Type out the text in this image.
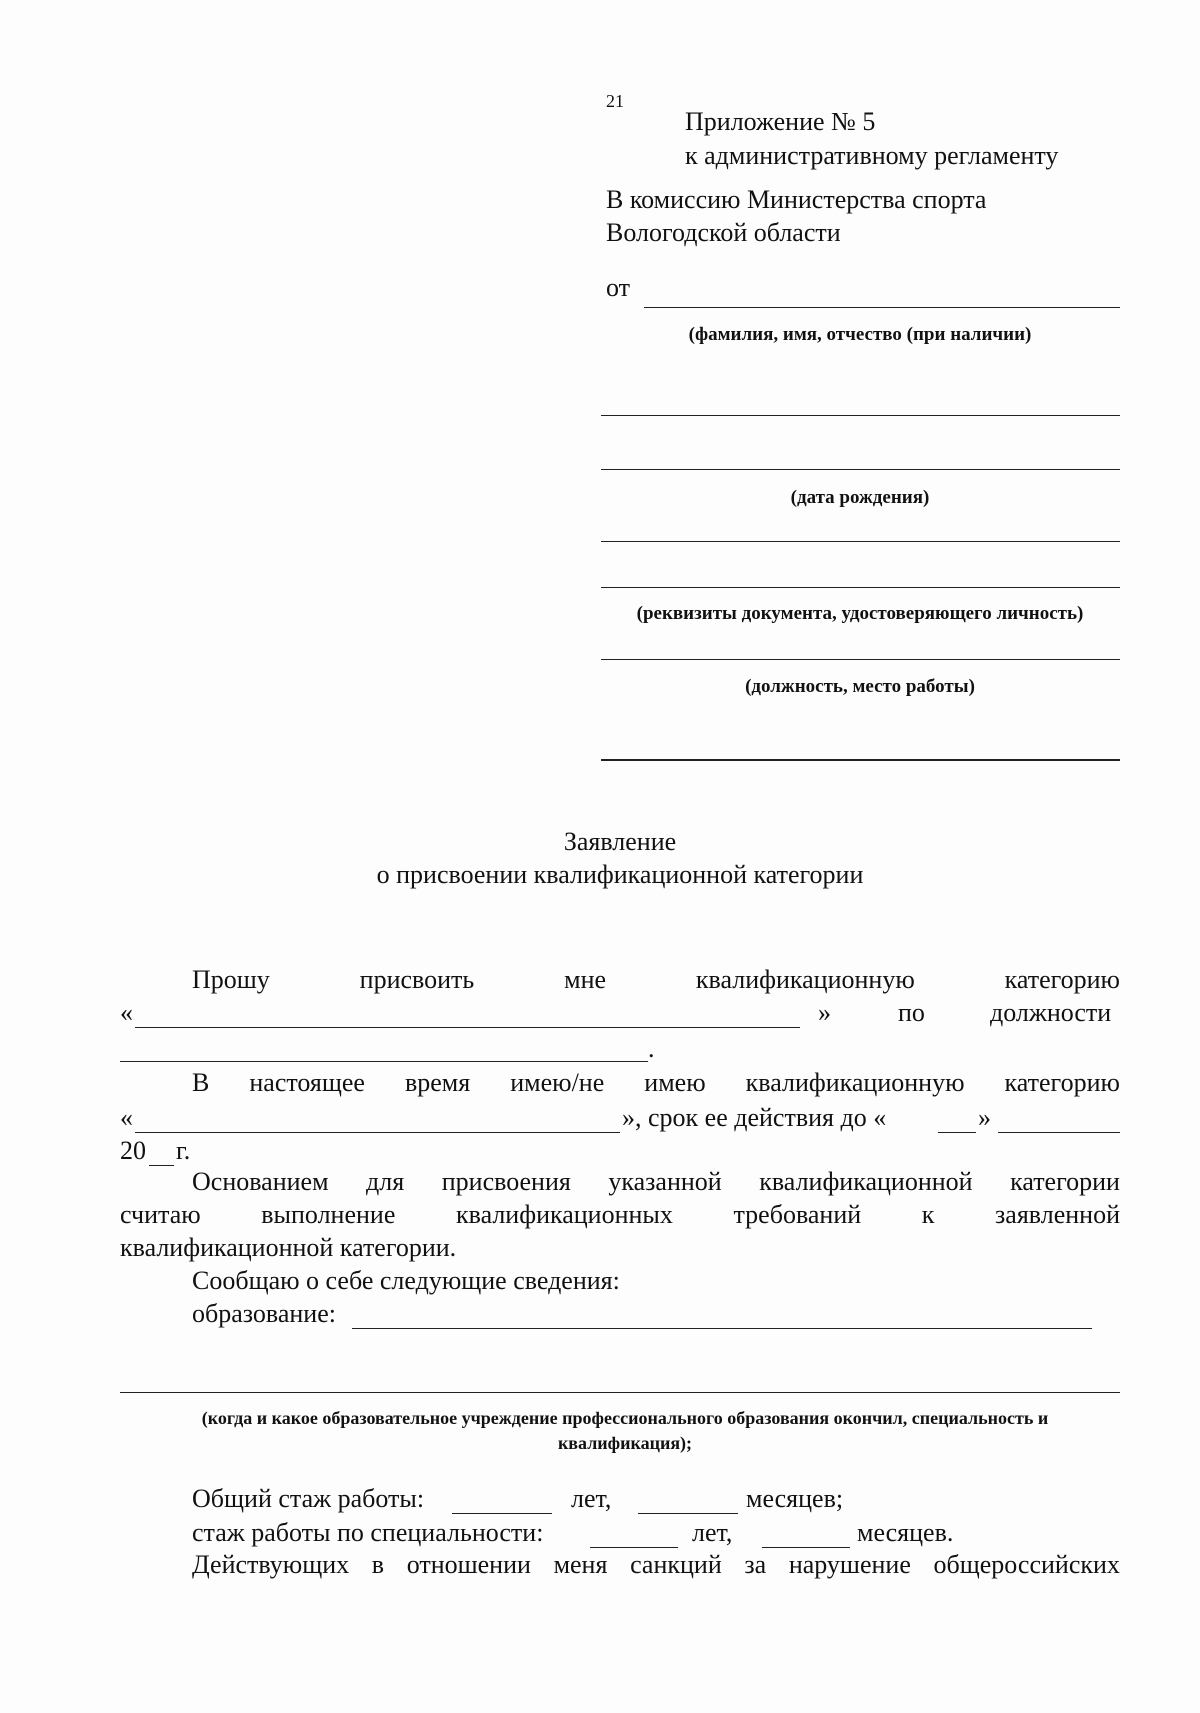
21
Приложение № 5
к административному регламенту
В комиссию Министерства спорта
Вологодской области
от
(фамилия, имя, отчество (при наличии)
(дата рождения)
(реквизиты документа, удостоверяющего личность)
(должность, место работы)
Заявление
о присвоении квалификационной категории
Прошу	присвоить	мне	квалификационную	категорию
«	»	по	должности
.
В настоящее время имею/не имею квалификационную категорию
«	», срок ее действия до «	»
20 г.
Основанием для присвоения указанной квалификационной категории
считаю выполнение квалификационных требований к заявленной
квалификационной категории.
Сообщаю о себе следующие сведения:
образование:
(когда и какое образовательное учреждение профессионального образования окончил, специальность и
квалификация);
Общий стаж работы:	лет,	месяцев;
стаж работы по специальности:	лет,	месяцев.
Действующих в отношении меня санкций за нарушение общероссийских
